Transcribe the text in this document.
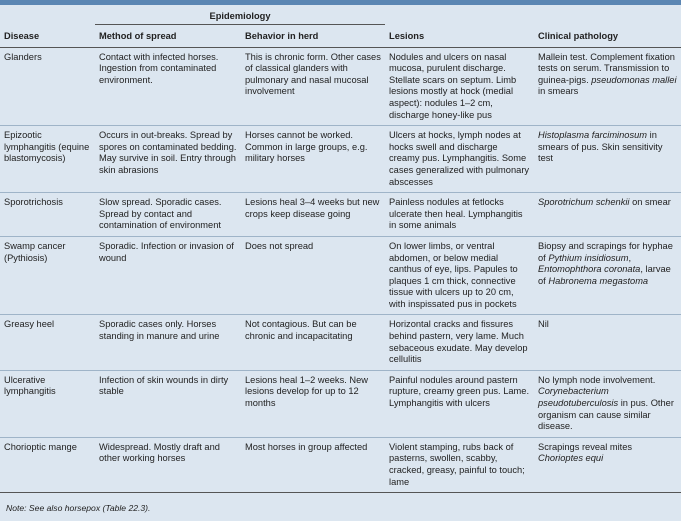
	Epidemiology			
Disease	Method of spread	Behavior in herd	Lesions	Clinical pathology
Glanders	Contact with infected horses. Ingestion from contaminated environment.	This is chronic form. Other cases of classical glanders with pulmonary and nasal mucosal involvement	Nodules and ulcers on nasal mucosa, purulent discharge. Stellate scars on septum. Limb lesions mostly at hock (medial aspect): nodules 1–2 cm, discharge honey-like pus	Mallein test. Complement fixation tests on serum. Transmission to guinea-pigs. pseudomonas mallei in smears
Epizootic lymphangitis (equine blastomycosis)	Occurs in out-breaks. Spread by spores on contaminated bedding. May survive in soil. Entry through skin abrasions	Horses cannot be worked. Common in large groups, e.g. military horses	Ulcers at hocks, lymph nodes at hocks swell and discharge creamy pus. Lymphangitis. Some cases generalized with pulmonary abscesses	Histoplasma farciminosum in smears of pus. Skin sensitivity test
Sporotrichosis	Slow spread. Sporadic cases. Spread by contact and contamination of environment	Lesions heal 3–4 weeks but new crops keep disease going	Painless nodules at fetlocks ulcerate then heal. Lymphangitis in some animals	Sporotrichum schenkii on smear
Swamp cancer (Pythiosis)	Sporadic. Infection or invasion of wound	Does not spread	On lower limbs, or ventral abdomen, or below medial canthus of eye, lips. Papules to plaques 1 cm thick, connective tissue with ulcers up to 20 cm, with inspissated pus in pockets	Biopsy and scrapings for hyphae of Pythium insidiosum, Entomophthora coronata, larvae of Habronema megastoma
Greasy heel	Sporadic cases only. Horses standing in manure and urine	Not contagious. But can be chronic and incapacitating	Horizontal cracks and fissures behind pastern, very lame. Much sebaceous exudate. May develop cellulitis	Nil
Ulcerative lymphangitis	Infection of skin wounds in dirty stable	Lesions heal 1–2 weeks. New lesions develop for up to 12 months	Painful nodules around pastern rupture, creamy green pus. Lame. Lymphangitis with ulcers	No lymph node involvement. Corynebacterium pseudotuberculosis in pus. Other organism can cause similar disease.
Chorioptic mange	Widespread. Mostly draft and other working horses	Most horses in group affected	Violent stamping, rubs back of pasterns, swollen, scabby, cracked, greasy, painful to touch; lame	Scrapings reveal mites Chorioptes equi
Note: See also horsepox (Table 22.3).
